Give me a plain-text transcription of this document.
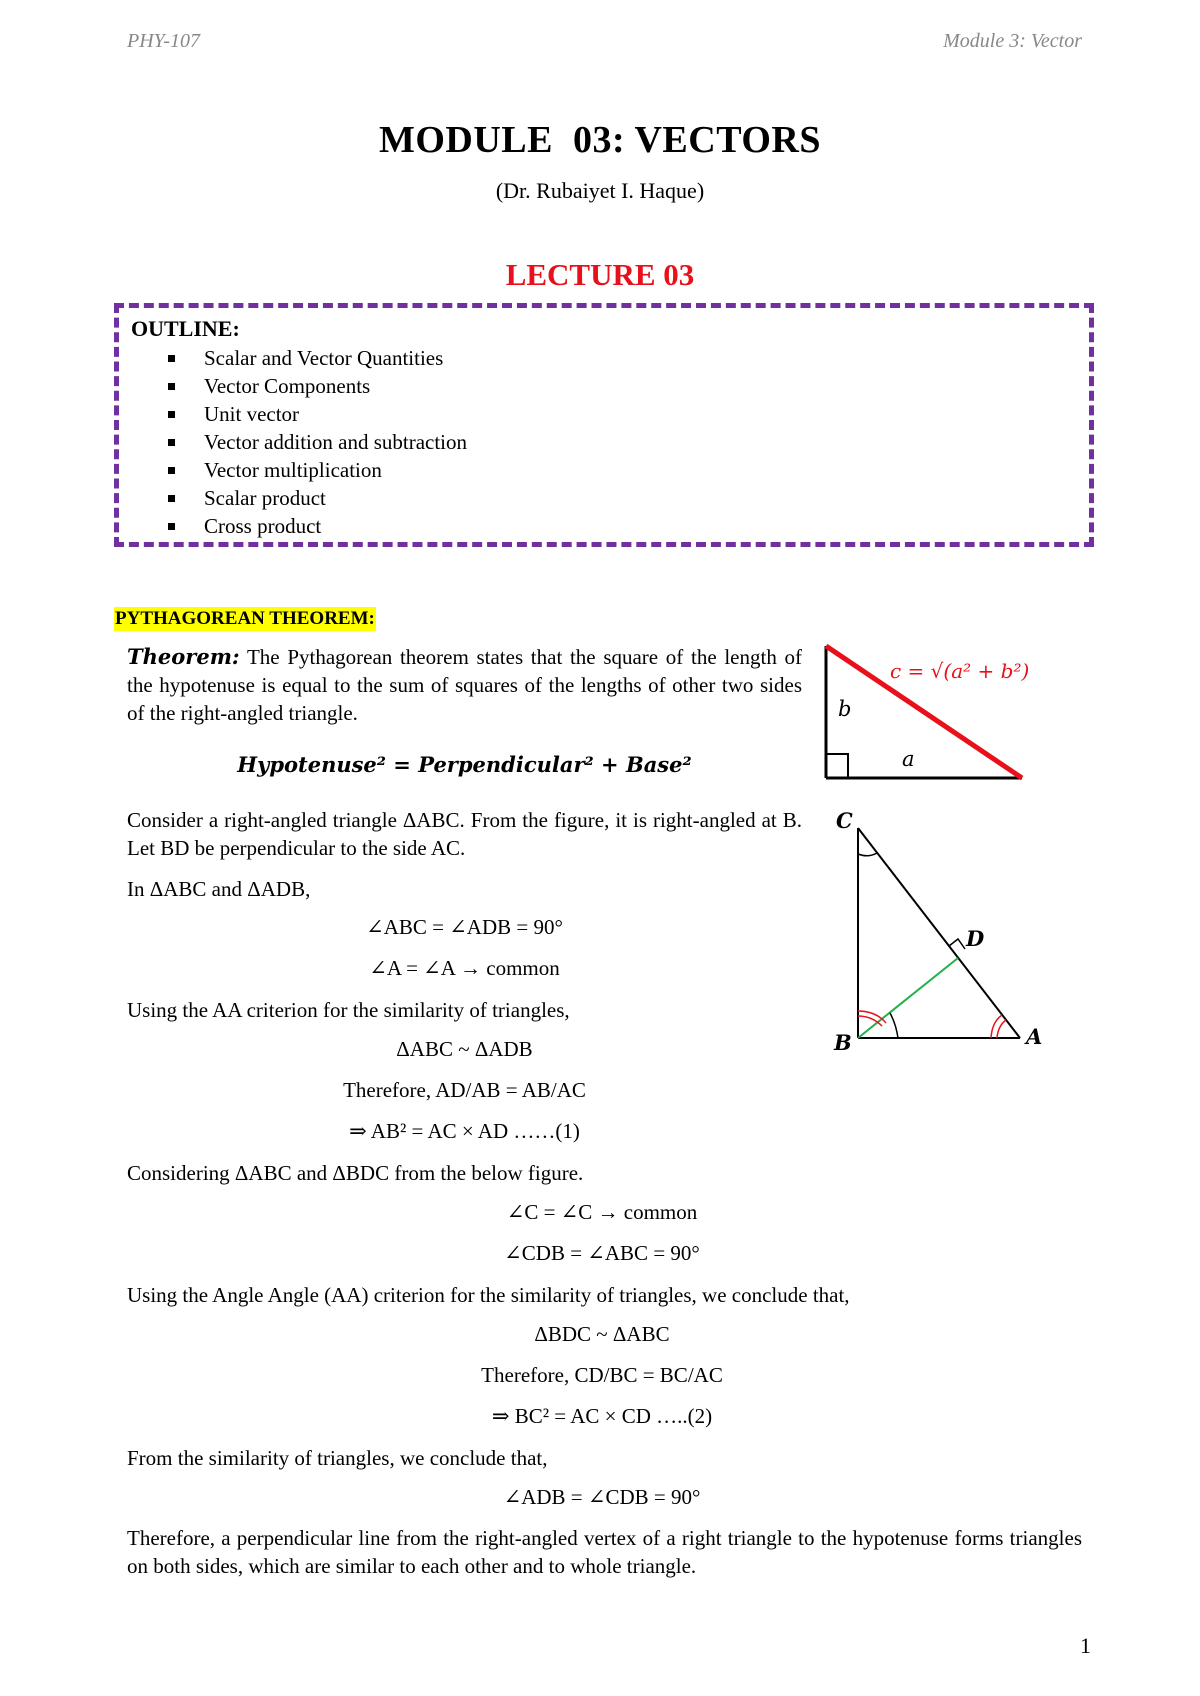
PHY-107	Module 3: Vector
MODULE  03: VECTORS
(Dr. Rubaiyet I. Haque)
LECTURE 03
OUTLINE:
Scalar and Vector Quantities
Vector Components
Unit vector
Vector addition and subtraction
Vector multiplication
Scalar product
Cross product
PYTHAGOREAN THEOREM:
Theorem: The Pythagorean theorem states that the square of the length of the hypotenuse is equal to the sum of squares of the lengths of other two sides of the right-angled triangle.
Hypotenuse² = Perpendicular² + Base²
b
a
c = √(a² + b²)
Consider a right-angled triangle ΔABC. From the figure, it is right-angled at B. Let BD be perpendicular to the side AC.
In ΔABC and ΔADB,
∠ABC = ∠ADB = 90°
∠A = ∠A → common
Using the AA criterion for the similarity of triangles,
ΔABC ~ ΔADB
Therefore, AD/AB = AB/AC
⇒ AB² = AC × AD ……(1)
C
D
B	A
Considering ΔABC and ΔBDC from the below figure.
∠C = ∠C → common
∠CDB = ∠ABC = 90°
Using the Angle Angle (AA) criterion for the similarity of triangles, we conclude that,
ΔBDC ~ ΔABC
Therefore, CD/BC = BC/AC
⇒ BC² = AC × CD …..(2)
From the similarity of triangles, we conclude that,
∠ADB = ∠CDB = 90°
Therefore, a perpendicular line from the right-angled vertex of a right triangle to the hypotenuse forms triangles on both sides, which are similar to each other and to whole triangle.
1
